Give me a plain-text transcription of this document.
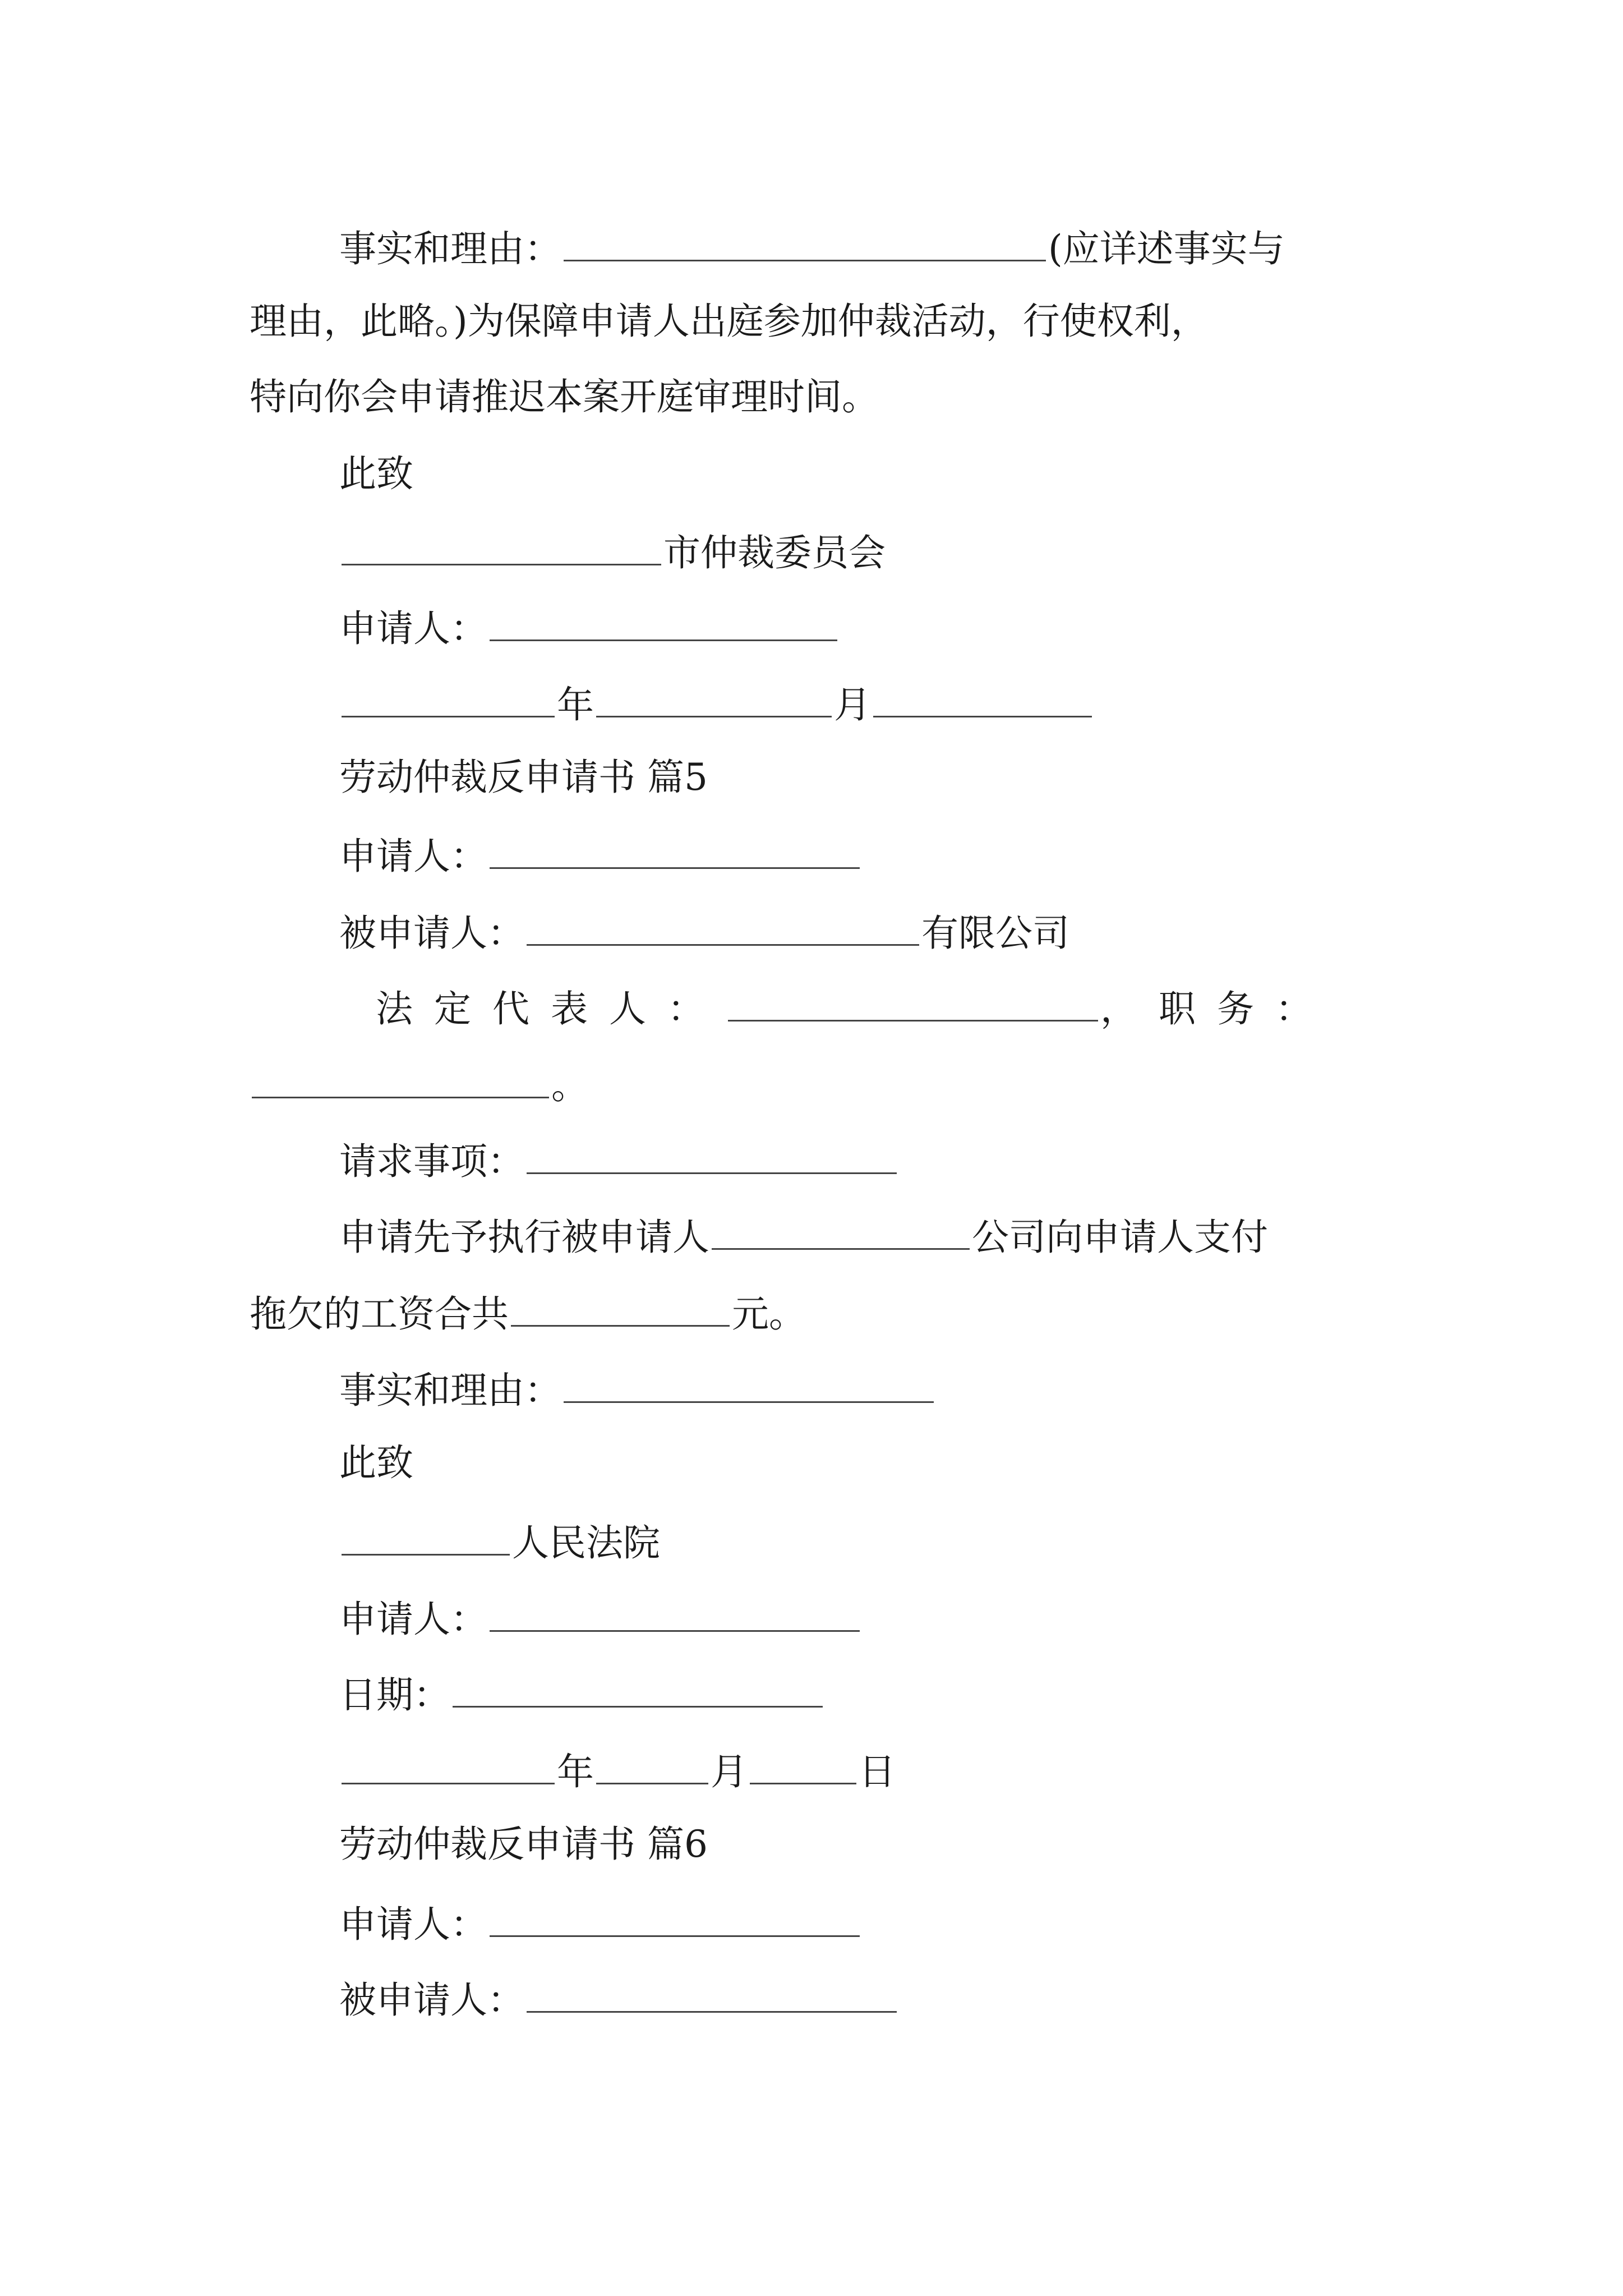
事实和理由：	(应详述事实与
理由，此略。)为保障申请人出庭参加仲裁活动，行使权利，
特向你会申请推迟本案开庭审理时间。
此致
市仲裁委员会
申请人：
年	月
劳动仲裁反申请书 篇5
申请人：
被申请人：	有限公司
法定代表人：	，职务：
。
请求事项：
申请先予执行被申请人	公司向申请人支付
拖欠的工资合共	元。
事实和理由：
此致
人民法院
申请人：
日期：
年	月	日
劳动仲裁反申请书 篇6
申请人：
被申请人：
